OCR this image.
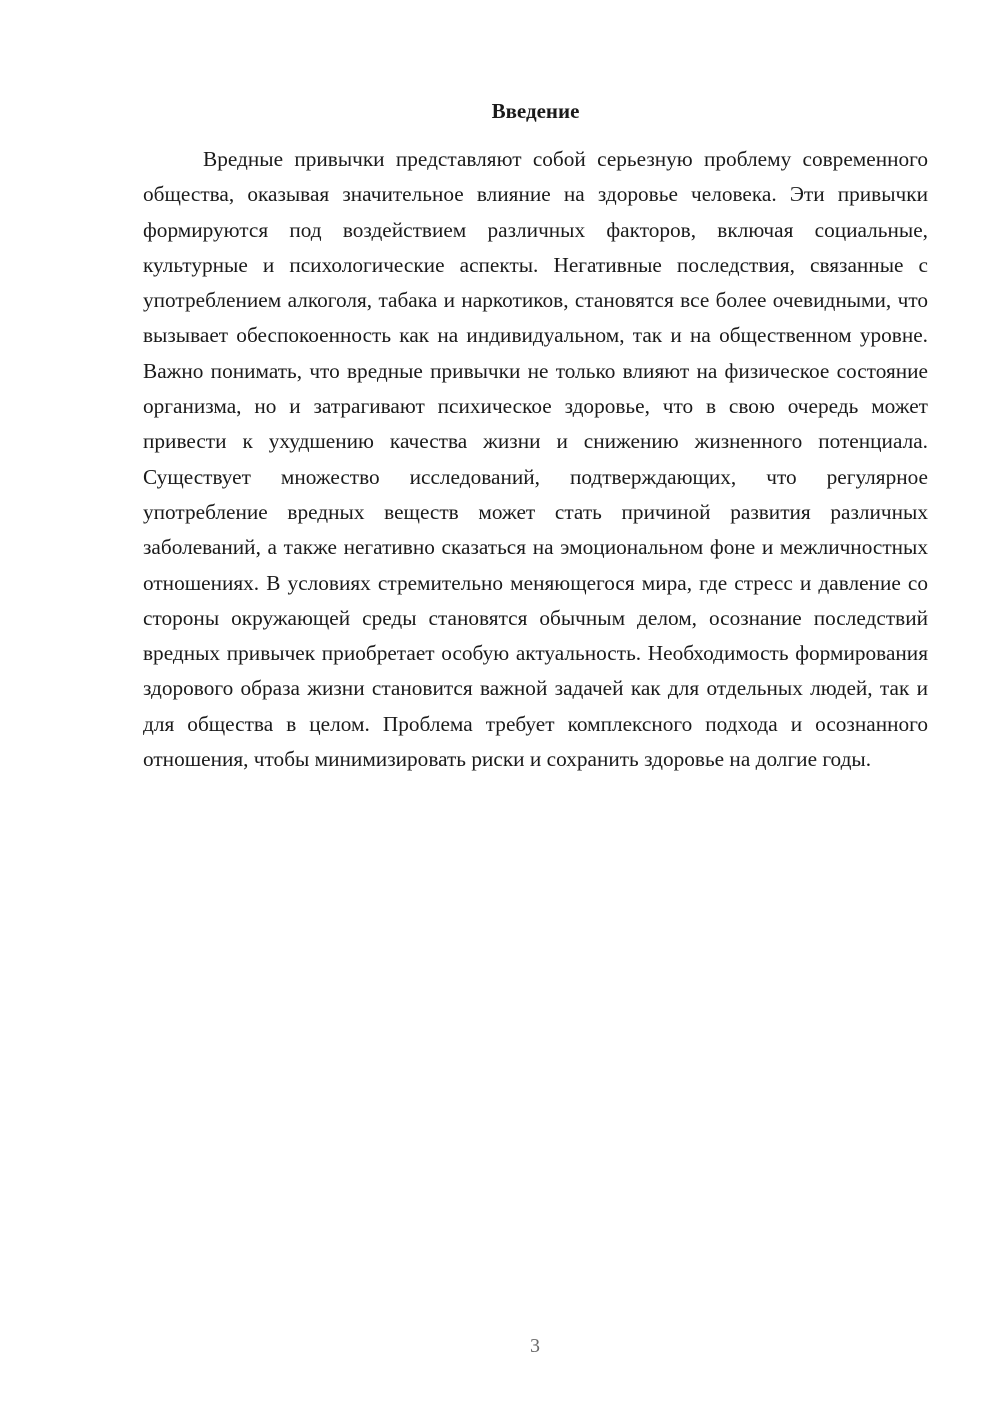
Введение

Вредные привычки представляют собой серьезную проблему современного общества, оказывая значительное влияние на здоровье человека. Эти привычки формируются под воздействием различных факторов, включая социальные, культурные и психологические аспекты. Негативные последствия, связанные с употреблением алкоголя, табака и наркотиков, становятся все более очевидными, что вызывает обеспокоенность как на индивидуальном, так и на общественном уровне. Важно понимать, что вредные привычки не только влияют на физическое состояние организма, но и затрагивают психическое здоровье, что в свою очередь может привести к ухудшению качества жизни и снижению жизненного потенциала. Существует множество исследований, подтверждающих, что регулярное употребление вредных веществ может стать причиной развития различных заболеваний, а также негативно сказаться на эмоциональном фоне и межличностных отношениях. В условиях стремительно меняющегося мира, где стресс и давление со стороны окружающей среды становятся обычным делом, осознание последствий вредных привычек приобретает особую актуальность. Необходимость формирования здорового образа жизни становится важной задачей как для отдельных людей, так и для общества в целом. Проблема требует комплексного подхода и осознанного отношения, чтобы минимизировать риски и сохранить здоровье на долгие годы.

3
